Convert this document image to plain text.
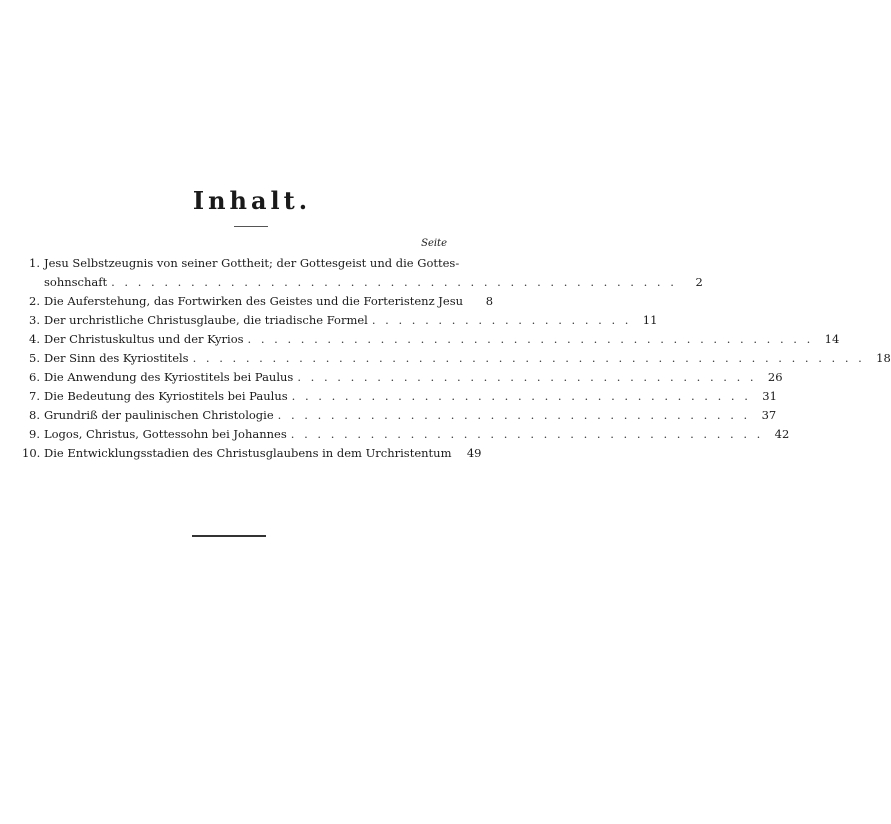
Inhalt.
Seite
1. Jesu Selbstzeugnis von seiner Gottheit; der Gottesgeist und die Gottes-
sohnschaft . . . . . . . . . . . . . . . . . . . . . . . . . . . . . . . . . . . . . . . . . . .	2
2. Die Auferstehung, das Fortwirken des Geistes und die Forteristenz Jesu	8
3. Der urchristliche Christusglaube, die triadische Formel . . . . . . . . . . . . . . . . . . . . 11
4. Der Christuskultus und der Kyrios . . . . . . . . . . . . . . . . . . . . . . . . . . . . . . . . . . . . . . . . . . . 14
5. Der Sinn des Kyriostitels . . . . . . . . . . . . . . . . . . . . . . . . . . . . . . . . . . . . . . . . . . . . . . . . . . . 18
6. Die Anwendung des Kyriostitels bei Paulus . . . . . . . . . . . . . . . . . . . . . . . . . . . . . . . . . . . 26
7. Die Bedeutung des Kyriostitels bei Paulus . . . . . . . . . . . . . . . . . . . . . . . . . . . . . . . . . . . 31
8. Grundriß der paulinischen Christologie . . . . . . . . . . . . . . . . . . . . . . . . . . . . . . . . . . . . 37
9. Logos, Christus, Gottessohn bei Johannes . . . . . . . . . . . . . . . . . . . . . . . . . . . . . . . . . . . . 42
10. Die Entwicklungsstadien des Christusglaubens in dem Urchristentum	49
